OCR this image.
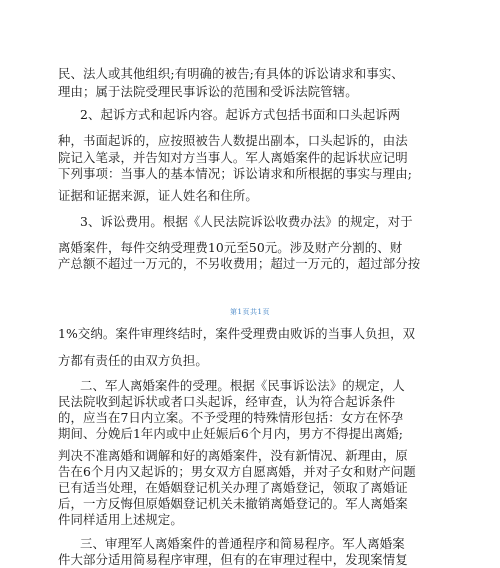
民、法人或其他组织;有明确的被告;有具体的诉讼请求和事实、
理由；属于法院受理民事诉讼的范围和受诉法院管辖。
2、起诉方式和起诉内容。起诉方式包括书面和口头起诉两
种，书面起诉的，应按照被告人数提出副本，口头起诉的，由法
院记入笔录，并告知对方当事人。军人离婚案件的起诉状应记明
下列事项：当事人的基本情况；诉讼请求和所根据的事实与理由;
证据和证据来源，证人姓名和住所。
3、诉讼费用。根据《人民法院诉讼收费办法》的规定，对于
离婚案件，每件交纳受理费10元至50元。涉及财产分割的、财
产总额不超过一万元的，不另收费用；超过一万元的，超过部分按
第1页共1页
1%交纳。案件审理终结时，案件受理费由败诉的当事人负担，双
方都有责任的由双方负担。
二、军人离婚案件的受理。根据《民事诉讼法》的规定，人
民法院收到起诉状或者口头起诉，经审查，认为符合起诉条件
的，应当在7日内立案。不予受理的特殊情形包括：女方在怀孕
期间、分娩后1年内或中止妊娠后6个月内，男方不得提出离婚;
判决不准离婚和调解和好的离婚案件，没有新情况、新理由，原
告在6个月内又起诉的；男女双方自愿离婚，并对子女和财产问题
已有适当处理，在婚姻登记机关办理了离婚登记，领取了离婚证
后，一方反悔但原婚姻登记机关未撤销离婚登记的。军人离婚案
件同样适用上述规定。
三、审理军人离婚案件的普通程序和简易程序。军人离婚案
件大部分适用简易程序审理，但有的在审理过程中，发现案情复
